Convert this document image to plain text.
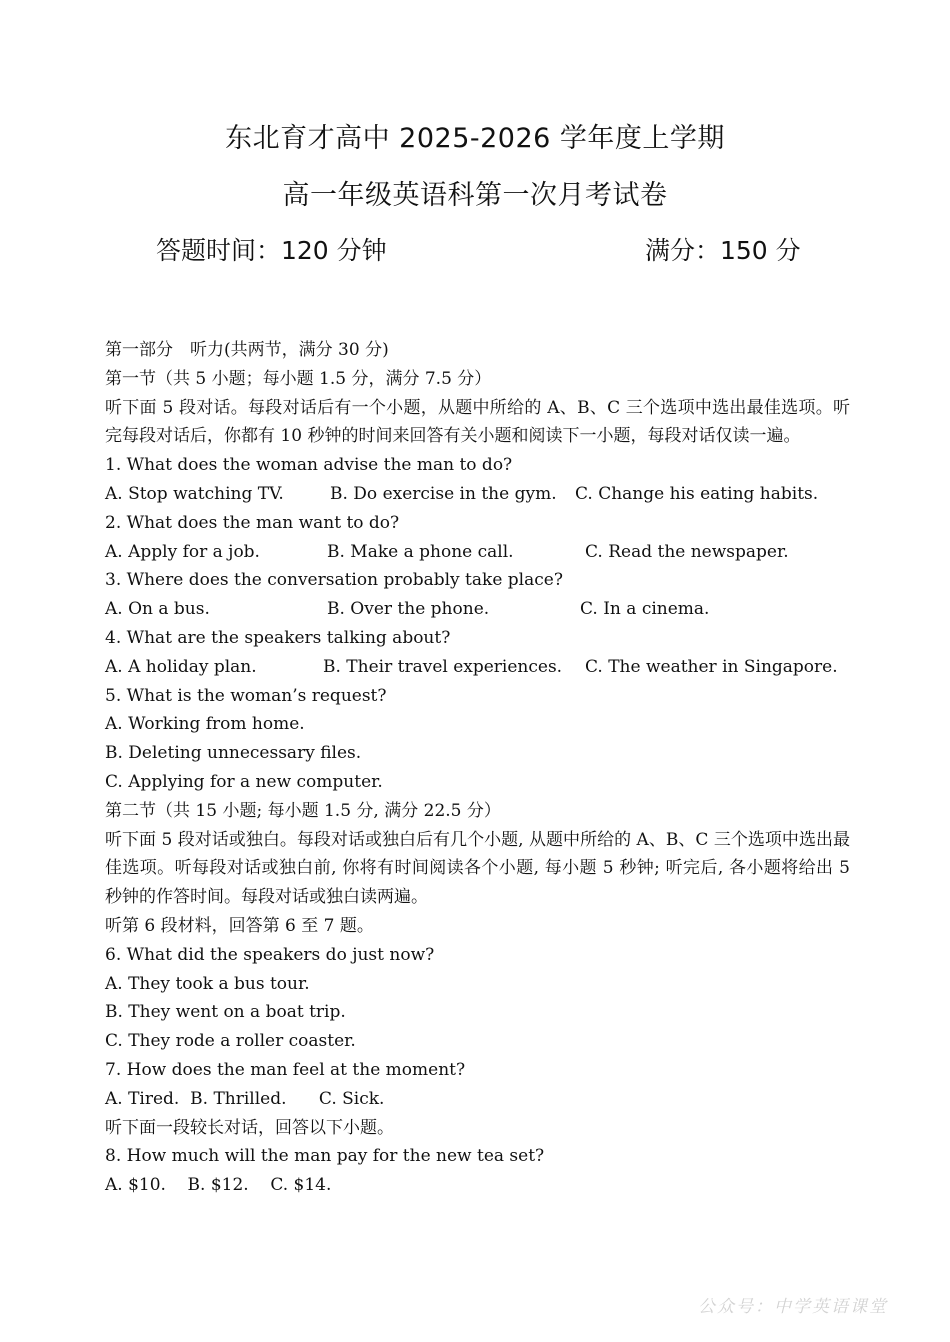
东北育才高中 2025-2026 学年度上学期
高一年级英语科第一次月考试卷
答题时间：120 分钟	满分：150 分
第一部分　听力(共两节，满分 30 分)
第一节（共 5 小题；每小题 1.5 分，满分 7.5 分）
听下面 5 段对话。每段对话后有一个小题，从题中所给的 A、B、C 三个选项中选出最佳选项。听完每段对话后，你都有 10 秒钟的时间来回答有关小题和阅读下一小题，每段对话仅读一遍。
1. What does the woman advise the man to do?
A. Stop watching TV.	B. Do exercise in the gym. C. Change his eating habits.
2. What does the man want to do?
A. Apply for a job.	B. Make a phone call.	C. Read the newspaper.
3. Where does the conversation probably take place?
A. On a bus.	B. Over the phone.	C. In a cinema.
4. What are the speakers talking about?
A. A holiday plan.	B. Their travel experiences. C. The weather in Singapore.
5. What is the woman’s request?
A. Working from home.
B. Deleting unnecessary files.
C. Applying for a new computer.
第二节（共 15 小题; 每小题 1.5 分, 满分 22.5 分）
听下面 5 段对话或独白。每段对话或独白后有几个小题, 从题中所给的 A、B、C 三个选项中选出最佳选项。听每段对话或独白前, 你将有时间阅读各个小题, 每小题 5 秒钟; 听完后, 各小题将给出 5 秒钟的作答时间。每段对话或独白读两遍。
听第 6 段材料，回答第 6 至 7 题。
6. What did the speakers do just now?
A. They took a bus tour.
B. They went on a boat trip.
C. They rode a roller coaster.
7. How does the man feel at the moment?
A. Tired.  B. Thrilled.      C. Sick.
听下面一段较长对话，回答以下小题。
8. How much will the man pay for the new tea set?
A. $10.    B. $12.    C. $14.
公众号：中学英语课堂
